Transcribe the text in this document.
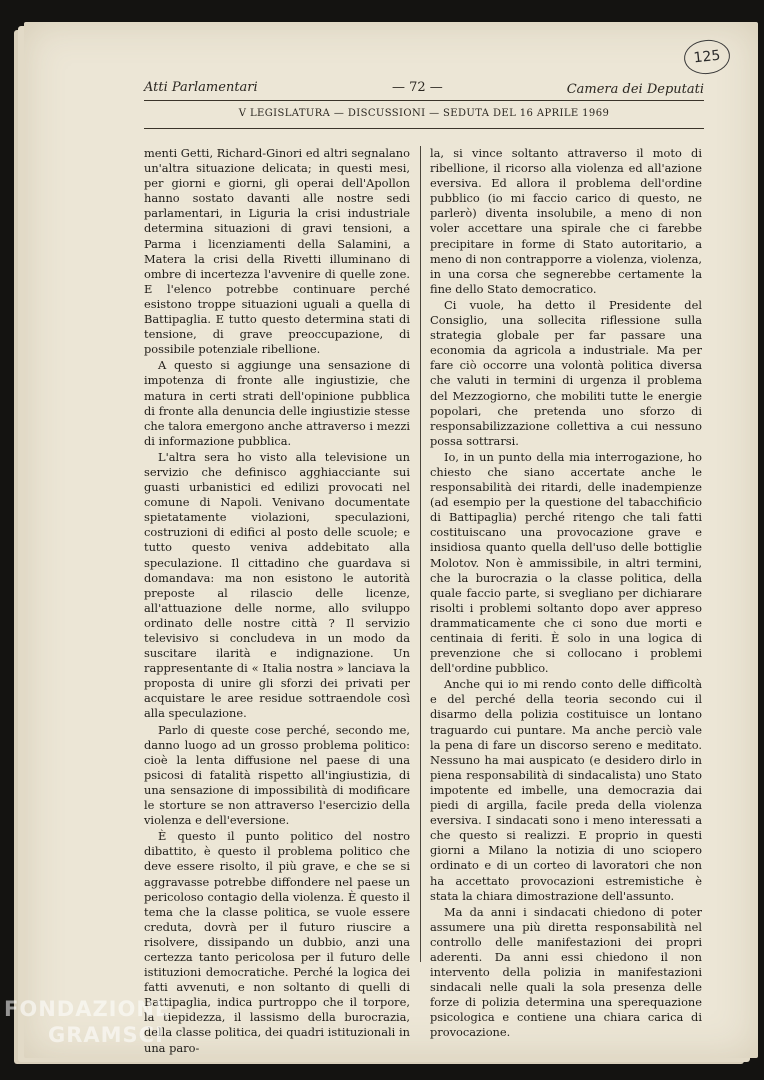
125
Atti Parlamentari	— 72 —	Camera dei Deputati
V LEGISLATURA — DISCUSSIONI — SEDUTA DEL 16 APRILE 1969

menti Getti, Richard-Ginori ed altri segnalano un'altra situazione delicata; in questi mesi, per giorni e giorni, gli operai dell'Apollon hanno sostato davanti alle nostre sedi parlamentari, in Liguria la crisi industriale determina situazioni di gravi tensioni, a Parma i licenziamenti della Salamini, a Matera la crisi della Rivetti illuminano di ombre di incertezza l'avvenire di quelle zone. E l'elenco potrebbe continuare perché esistono troppe situazioni uguali a quella di Battipaglia. E tutto questo determina stati di tensione, di grave preoccupazione, di possibile potenziale ribellione.

A questo si aggiunge una sensazione di impotenza di fronte alle ingiustizie, che matura in certi strati dell'opinione pubblica di fronte alla denuncia delle ingiustizie stesse che talora emergono anche attraverso i mezzi di informazione pubblica.

L'altra sera ho visto alla televisione un servizio che definisco agghiacciante sui guasti urbanistici ed edilizi provocati nel comune di Napoli. Venivano documentate spietatamente violazioni, speculazioni, costruzioni di edifici al posto delle scuole; e tutto questo veniva addebitato alla speculazione. Il cittadino che guardava si domandava: ma non esistono le autorità preposte al rilascio delle licenze, all'attuazione delle norme, allo sviluppo ordinato delle nostre città ? Il servizio televisivo si concludeva in un modo da suscitare ilarità e indignazione. Un rappresentante di « Italia nostra » lanciava la proposta di unire gli sforzi dei privati per acquistare le aree residue sottraendole così alla speculazione.

Parlo di queste cose perché, secondo me, danno luogo ad un grosso problema politico: cioè la lenta diffusione nel paese di una psicosi di fatalità rispetto all'ingiustizia, di una sensazione di impossibilità di modificare le storture se non attraverso l'esercizio della violenza e dell'eversione.

È questo il punto politico del nostro dibattito, è questo il problema politico che deve essere risolto, il più grave, e che se si aggravasse potrebbe diffondere nel paese un pericoloso contagio della violenza. È questo il tema che la classe politica, se vuole essere creduta, dovrà per il futuro riuscire a risolvere, dissipando un dubbio, anzi una certezza tanto pericolosa per il futuro delle istituzioni democratiche. Perché la logica dei fatti avvenuti, e non soltanto di quelli di Battipaglia, indica purtroppo che il torpore, la tiepidezza, il lassismo della burocrazia, della classe politica, dei quadri istituzionali in una paro-

la, si vince soltanto attraverso il moto di ribellione, il ricorso alla violenza ed all'azione eversiva. Ed allora il problema dell'ordine pubblico (io mi faccio carico di questo, ne parlerò) diventa insolubile, a meno di non voler accettare una spirale che ci farebbe precipitare in forme di Stato autoritario, a meno di non contrapporre a violenza, violenza, in una corsa che segnerebbe certamente la fine dello Stato democratico.

Ci vuole, ha detto il Presidente del Consiglio, una sollecita riflessione sulla strategia globale per far passare una economia da agricola a industriale. Ma per fare ciò occorre una volontà politica diversa che valuti in termini di urgenza il problema del Mezzogiorno, che mobiliti tutte le energie popolari, che pretenda uno sforzo di responsabilizzazione collettiva a cui nessuno possa sottrarsi.

Io, in un punto della mia interrogazione, ho chiesto che siano accertate anche le responsabilità dei ritardi, delle inadempienze (ad esempio per la questione del tabacchificio di Battipaglia) perché ritengo che tali fatti costituiscano una provocazione grave e insidiosa quanto quella dell'uso delle bottiglie Molotov. Non è ammissibile, in altri termini, che la burocrazia o la classe politica, della quale faccio parte, si svegliano per dichiarare risolti i problemi soltanto dopo aver appreso drammaticamente che ci sono due morti e centinaia di feriti. È solo in una logica di prevenzione che si collocano i problemi dell'ordine pubblico.

Anche qui io mi rendo conto delle difficoltà e del perché della teoria secondo cui il disarmo della polizia costituisce un lontano traguardo cui puntare. Ma anche perciò vale la pena di fare un discorso sereno e meditato. Nessuno ha mai auspicato (e desidero dirlo in piena responsabilità di sindacalista) uno Stato impotente ed imbelle, una democrazia dai piedi di argilla, facile preda della violenza eversiva. I sindacati sono i meno interessati a che questo si realizzi. E proprio in questi giorni a Milano la notizia di uno sciopero ordinato e di un corteo di lavoratori che non ha accettato provocazioni estremistiche è stata la chiara dimostrazione dell'assunto.

Ma da anni i sindacati chiedono di poter assumere una più diretta responsabilità nel controllo delle manifestazioni dei propri aderenti. Da anni essi chiedono il non intervento della polizia in manifestazioni sindacali nelle quali la sola presenza delle forze di polizia determina una sperequazione psicologica e contiene una chiara carica di provocazione.

FONDAZIONE
GRAMSCI
